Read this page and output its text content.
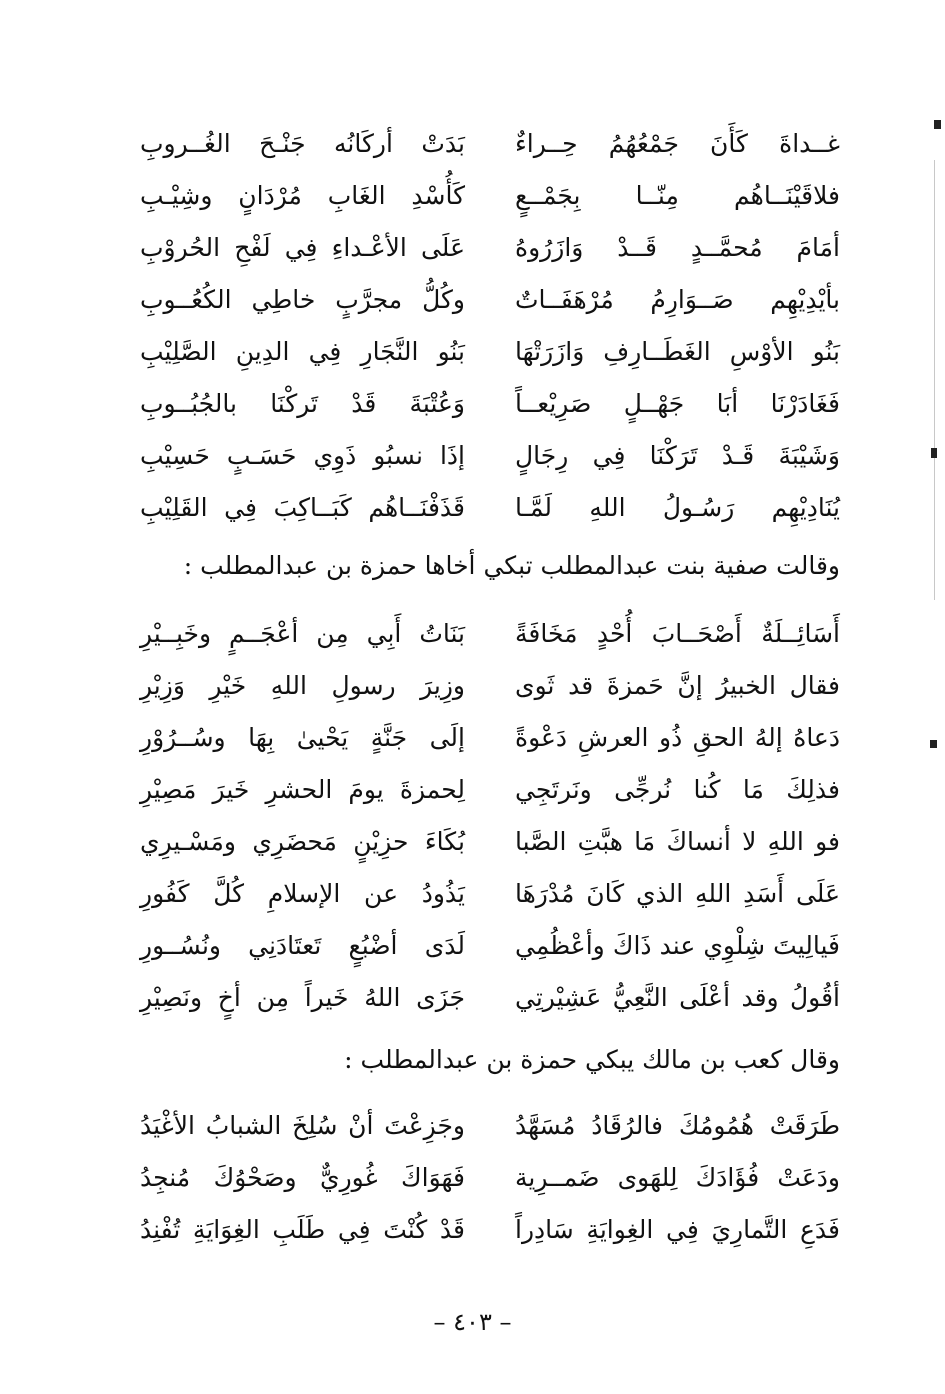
غــداةَ كَأَنَ جَمْعُهُمُ حِــراءٌ
بَدَتْ أركَانُه جَنْـحَ الغُــروبِ
فلاقَيْنَــاهُم مِنّــا بِجَمْــعٍ
كَأُسْدِ الغَابِ مُرْدَانٍ وشِيْـبِ
أمَامَ مُحمَّــدٍ قَــدْ وَازَرُوهُ
عَلَى الأعْـداءِ فِي لَفْحِ الحُروْبِ
بأيْدِيْهِم صَــوَارِمُ مُرْهَفَــاتٌ
وكُلُّ مجرَّبٍ خاطِي الكُعُــوبِ
بَنُو الأوْسِ الغَطَــارِفِ وَازَرَتْهَا
بَنُو النَّجَارِ فِي الدِينِ الصَّلِيْبِ
فَغَادَرْنَا أبَا جَهْــلٍ صَرِيْعــاً
وَعُتْبَةَ قَدْ تَركْنَا بالجُبُــوبِ
وَشَيْبَةَ قَـدْ تَرَكْنَا فِي رِجَالٍ
إذَا نسبُو ذَوِي حَسَـبٍ حَسِيْبِ
يُنَادِيْهِم رَسُـولُ اللهِ لَمَّـا
قَذَفْنَــاهُم كَبَــاكِبَ فِي القَلِيْبِ
وقالت صفية بنت عبدالمطلب تبكي أخاها حمزة بن عبدالمطلب :
أَسَائِــلَةٌ أَصْحَــابَ أُحْدٍ مَخَافَةً
بَنَاتُ أَبِي مِن أعْجَــمٍ وخَبِــيْرِ
فقال الخبيرُ إنَّ حَمزةَ قد ثَوى
وزِيرَ رسولِ اللهِ خَيْرِ وَزِيْرِ
دَعاهُ إلهُ الحقِ ذُو العرشِ دَعْوةً
إلَى جَنَّةٍ يَحْيىٰ بِهَا وسُــرُوْرِ
فذلِكَ مَا كُنا نُرجِّى ونَرتَجِي
لِحمزةَ يومَ الحشرِ خَيرَ مَصِيْرِ
فو اللهِ لا أنساكَ مَا هبَّتِ الصَّبا
بُكَاءَ حزِيْنٍ مَحضَرِي ومَسْـيرِي
عَلَى أَسَدِ اللهِ الذي كَانَ مُدْرَهَا
يَذُودُ عن الإسلامِ كُلَّ كَفُورِ
فَيالِيتَ شِلْوِي عند ذَاكَ وأعْظُمِي
لَدَى أضْبُعٍ تَعتَادَنِي ونُسُــورِ
أقُولُ وقد أعْلَى النَّعِيُّ عَشِيْرتِي
جَزَى اللهُ خَيراً مِن أخٍ ونَصِيْرِ
وقال كعب بن مالك يبكي حمزة بن عبدالمطلب :
طَرَقَتْ هُمُومُكَ فالرُقَادُ مُسَهَّدُ
وجَزِعْتَ أنْ سُلِخَ الشبابُ الأغْيَدُ
ودَعَتْ فُؤَادَكَ لِلهَوى ضَمــرِية
فَهَوَاكَ غُورِيٌّ وصَحْوُكَ مُنجِدُ
فَدَعِ التَّمارِيَ فِي الغِوايَةِ سَادِراً
قَدْ كُنْتَ فِي طَلَبِ الغِوَايَةِ تُفْنِدُ
– ٤٠٣ –
